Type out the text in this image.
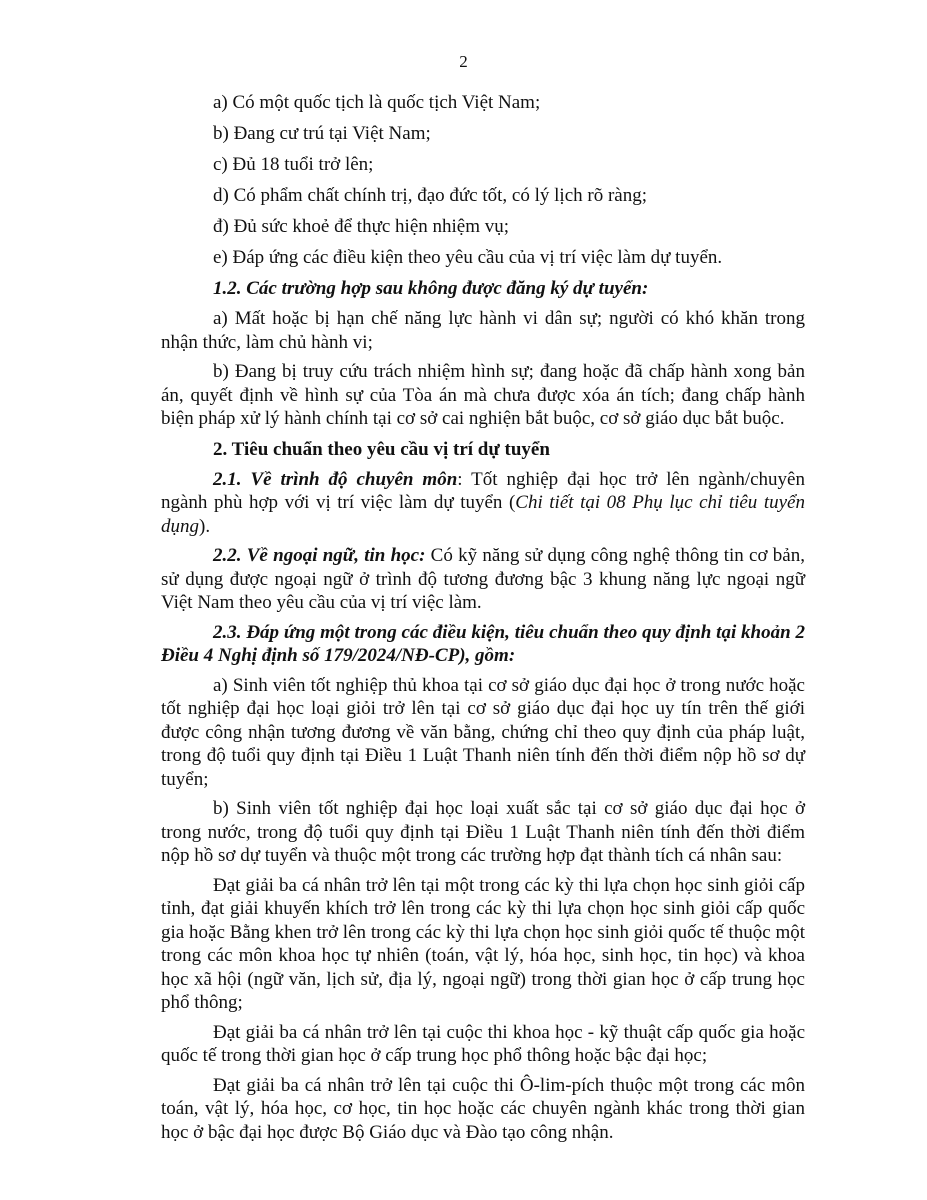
2

a) Có một quốc tịch là quốc tịch Việt Nam;

b) Đang cư trú tại Việt Nam;

c) Đủ 18 tuổi trở lên;

d) Có phẩm chất chính trị, đạo đức tốt, có lý lịch rõ ràng;

đ) Đủ sức khoẻ để thực hiện nhiệm vụ;

e) Đáp ứng các điều kiện theo yêu cầu của vị trí việc làm dự tuyển.

1.2. Các trường hợp sau không được đăng ký dự tuyển:

a) Mất hoặc bị hạn chế năng lực hành vi dân sự; người có khó khăn trong nhận thức, làm chủ hành vi;

b) Đang bị truy cứu trách nhiệm hình sự; đang hoặc đã chấp hành xong bản án, quyết định về hình sự của Tòa án mà chưa được xóa án tích; đang chấp hành biện pháp xử lý hành chính tại cơ sở cai nghiện bắt buộc, cơ sở giáo dục bắt buộc.

2. Tiêu chuẩn theo yêu cầu vị trí dự tuyển

2.1. Về trình độ chuyên môn: Tốt nghiệp đại học trở lên ngành/chuyên ngành phù hợp với vị trí việc làm dự tuyển (Chi tiết tại 08 Phụ lục chỉ tiêu tuyển dụng).

2.2. Về ngoại ngữ, tin học: Có kỹ năng sử dụng công nghệ thông tin cơ bản, sử dụng được ngoại ngữ ở trình độ tương đương bậc 3 khung năng lực ngoại ngữ Việt Nam theo yêu cầu của vị trí việc làm.

2.3. Đáp ứng một trong các điều kiện, tiêu chuẩn theo quy định tại khoản 2 Điều 4 Nghị định số 179/2024/NĐ-CP), gồm:

a) Sinh viên tốt nghiệp thủ khoa tại cơ sở giáo dục đại học ở trong nước hoặc tốt nghiệp đại học loại giỏi trở lên tại cơ sở giáo dục đại học uy tín trên thế giới được công nhận tương đương về văn bằng, chứng chỉ theo quy định của pháp luật, trong độ tuổi quy định tại Điều 1 Luật Thanh niên tính đến thời điểm nộp hồ sơ dự tuyển;

b) Sinh viên tốt nghiệp đại học loại xuất sắc tại cơ sở giáo dục đại học ở trong nước, trong độ tuổi quy định tại Điều 1 Luật Thanh niên tính đến thời điểm nộp hồ sơ dự tuyển và thuộc một trong các trường hợp đạt thành tích cá nhân sau:

Đạt giải ba cá nhân trở lên tại một trong các kỳ thi lựa chọn học sinh giỏi cấp tỉnh, đạt giải khuyến khích trở lên trong các kỳ thi lựa chọn học sinh giỏi cấp quốc gia hoặc Bằng khen trở lên trong các kỳ thi lựa chọn học sinh giỏi quốc tế thuộc một trong các môn khoa học tự nhiên (toán, vật lý, hóa học, sinh học, tin học) và khoa học xã hội (ngữ văn, lịch sử, địa lý, ngoại ngữ) trong thời gian học ở cấp trung học phổ thông;

Đạt giải ba cá nhân trở lên tại cuộc thi khoa học - kỹ thuật cấp quốc gia hoặc quốc tế trong thời gian học ở cấp trung học phổ thông hoặc bậc đại học;

Đạt giải ba cá nhân trở lên tại cuộc thi Ô-lim-pích thuộc một trong các môn toán, vật lý, hóa học, cơ học, tin học hoặc các chuyên ngành khác trong thời gian học ở bậc đại học được Bộ Giáo dục và Đào tạo công nhận.
